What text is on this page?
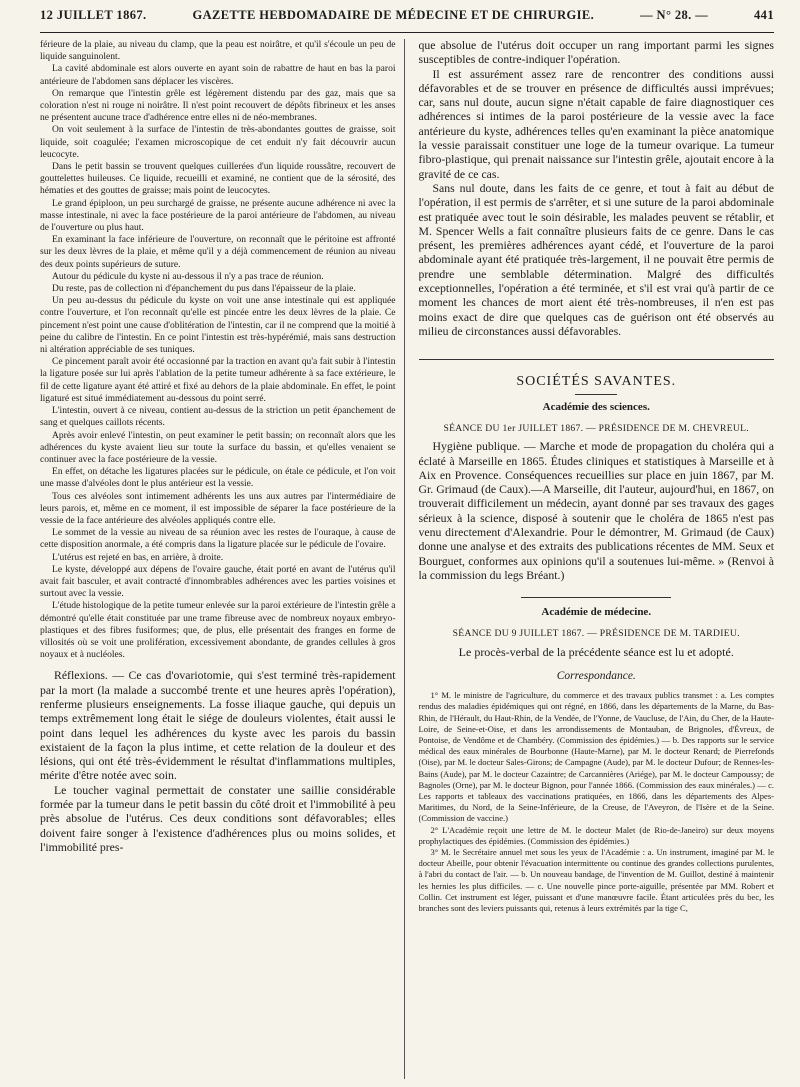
12 JUILLET 1867.	GAZETTE HEBDOMADAIRE DE MÉDECINE ET DE CHIRURGIE.	— N° 28. —	441

férieure de la plaie, au niveau du clamp, que la peau est noirâtre, et qu'il s'écoule un peu de liquide sanguinolent.

La cavité abdominale est alors ouverte en ayant soin de rabattre de haut en bas la paroi antérieure de l'abdomen sans déplacer les viscères.

On remarque que l'intestin grêle est légèrement distendu par des gaz, mais que sa coloration n'est ni rouge ni noirâtre. Il n'est point recouvert de dépôts fibrineux et les anses ne présentent aucune trace d'adhérence entre elles ni de néo-membranes.

On voit seulement à la surface de l'intestin de très-abondantes gouttes de graisse, soit liquide, soit coagulée; l'examen microscopique de cet enduit n'y fait découvrir aucun leucocyte.

Dans le petit bassin se trouvent quelques cuillerées d'un liquide roussâtre, recouvert de gouttelettes huileuses. Ce liquide, recueilli et examiné, ne contient que de la sérosité, des hématies et des gouttes de graisse; mais point de leucocytes.

Le grand épiploon, un peu surchargé de graisse, ne présente aucune adhérence ni avec la masse intestinale, ni avec la face postérieure de la paroi antérieure de l'abdomen, au niveau de l'ouverture ou plus haut.

En examinant la face inférieure de l'ouverture, on reconnaît que le péritoine est affronté sur les deux lèvres de la plaie, et même qu'il y a déjà commencement de réunion au niveau des deux points supérieurs de suture.

Autour du pédicule du kyste ni au-dessous il n'y a pas trace de réunion.

Du reste, pas de collection ni d'épanchement du pus dans l'épaisseur de la plaie.

Un peu au-dessus du pédicule du kyste on voit une anse intestinale qui est appliquée contre l'ouverture, et l'on reconnaît qu'elle est pincée entre les deux lèvres de la plaie. Ce pincement n'est point une cause d'oblitération de l'intestin, car il ne comprend que la moitié à peine du calibre de l'intestin. En ce point l'intestin est très-hypérémié, mais sans destruction ni altération appréciable de ses tuniques.

Ce pincement paraît avoir été occasionné par la traction en avant qu'a fait subir à l'intestin la ligature posée sur lui après l'ablation de la petite tumeur adhérente à sa face extérieure, le fil de cette ligature ayant été attiré et fixé au dehors de la plaie abdominale. En effet, le point ligaturé est situé immédiatement au-dessous du point serré.

L'intestin, ouvert à ce niveau, contient au-dessus de la striction un petit épanchement de sang et quelques caillots récents.

Après avoir enlevé l'intestin, on peut examiner le petit bassin; on reconnaît alors que les adhérences du kyste avaient lieu sur toute la surface du bassin, et qu'elles venaient se continuer avec la face postérieure de la vessie.

En effet, on détache les ligatures placées sur le pédicule, on étale ce pédicule, et l'on voit une masse d'alvéoles dont le plus antérieur est la vessie.

Tous ces alvéoles sont intimement adhérents les uns aux autres par l'intermédiaire de leurs parois, et, même en ce moment, il est impossible de séparer la face postérieure de la vessie de la face antérieure des alvéoles appliqués contre elle.

Le sommet de la vessie au niveau de sa réunion avec les restes de l'ouraque, à cause de cette disposition anormale, a été compris dans la ligature placée sur le pédicule de l'ovaire.

L'utérus est rejeté en bas, en arrière, à droite.

Le kyste, développé aux dépens de l'ovaire gauche, était porté en avant de l'utérus qu'il avait fait basculer, et avait contracté d'innombrables adhérences avec les parties voisines et surtout avec la vessie.

L'étude histologique de la petite tumeur enlevée sur la paroi extérieure de l'intestin grêle a démontré qu'elle était constituée par une trame fibreuse avec de nombreux noyaux embryo-plastiques et des fibres fusiformes; que, de plus, elle présentait des franges en forme de villosités où se voit une prolifération, excessivement abondante, de grandes cellules à gros noyaux et à nucléoles.

Réflexions. — Ce cas d'ovariotomie, qui s'est terminé très-rapidement par la mort (la malade a succombé trente et une heures après l'opération), renferme plusieurs enseignements. La fosse iliaque gauche, qui depuis un temps extrêmement long était le siége de douleurs violentes, était aussi le point dans lequel les adhérences du kyste avec les parois du bassin existaient de la façon la plus intime, et cette relation de la douleur et des lésions, qui ont été très-évidemment le résultat d'inflammations multiples, mérite d'être notée avec soin.

Le toucher vaginal permettait de constater une saillie considérable formée par la tumeur dans le petit bassin du côté droit et l'immobilité à peu près absolue de l'utérus. Ces deux conditions sont défavorables; elles doivent faire songer à l'existence d'adhérences plus ou moins solides, et l'immobilité pres-

que absolue de l'utérus doit occuper un rang important parmi les signes susceptibles de contre-indiquer l'opération.

Il est assurément assez rare de rencontrer des conditions aussi défavorables et de se trouver en présence de difficultés aussi imprévues; car, sans nul doute, aucun signe n'était capable de faire diagnostiquer ces adhérences si intimes de la paroi postérieure de la vessie avec la face antérieure du kyste, adhérences telles qu'en examinant la pièce anatomique la vessie paraissait constituer une loge de la tumeur ovarique. La tumeur fibro-plastique, qui prenait naissance sur l'intestin grêle, ajoutait encore à la gravité de ce cas.

Sans nul doute, dans les faits de ce genre, et tout à fait au début de l'opération, il est permis de s'arrêter, et si une suture de la paroi abdominale est pratiquée avec tout le soin désirable, les malades peuvent se rétablir, et M. Spencer Wells a fait connaître plusieurs faits de ce genre. Dans le cas présent, les premières adhérences ayant cédé, et l'ouverture de la paroi abdominale ayant été pratiquée très-largement, il ne pouvait être permis de prendre une semblable détermination. Malgré des difficultés exceptionnelles, l'opération a été terminée, et s'il est vrai qu'à partir de ce moment les chances de mort aient été très-nombreuses, il n'en est pas moins exact de dire que quelques cas de guérison ont été observés au milieu de circonstances aussi défavorables.

SOCIÉTÉS SAVANTES.
Académie des sciences.
SÉANCE DU 1er JUILLET 1867. — PRÉSIDENCE DE M. CHEVREUL.

Hygiène publique. — Marche et mode de propagation du choléra qui a éclaté à Marseille en 1865. Études cliniques et statistiques à Marseille et à Aix en Provence. Conséquences recueillies sur place en juin 1867, par M. Gr. Grimaud (de Caux).—A Marseille, dit l'auteur, aujourd'hui, en 1867, on trouverait difficilement un médecin, ayant donné par ses travaux des gages sérieux à la science, disposé à soutenir que le choléra de 1865 n'est pas venu directement d'Alexandrie. Pour le démontrer, M. Grimaud (de Caux) donne une analyse et des extraits des publications récentes de MM. Seux et Bourguet, conformes aux opinions qu'il a soutenues lui-même. » (Renvoi à la commission du legs Bréant.)

Académie de médecine.
SÉANCE DU 9 JUILLET 1867. — PRÉSIDENCE DE M. TARDIEU.
Le procès-verbal de la précédente séance est lu et adopté.
Correspondance.

1° M. le ministre de l'agriculture, du commerce et des travaux publics transmet : a. Les comptes rendus des maladies épidémiques qui ont régné, en 1866, dans les départements de la Marne, du Bas-Rhin, de l'Hérault, du Haut-Rhin, de la Vendée, de l'Yonne, de Vaucluse, de l'Ain, du Cher, de la Haute-Loire, de Seine-et-Oise, et dans les arrondissements de Montauban, de Brignoles, d'Évreux, de Pontoise, de Vendôme et de Chambéry. (Commission des épidémies.) — b. Des rapports sur le service médical des eaux minérales de Bourbonne (Haute-Marne), par M. le docteur Renard; de Pierrefonds (Oise), par M. le docteur Sales-Girons; de Campagne (Aude), par M. le docteur Dufour; de Rennes-les-Bains (Aude), par M. le docteur Cazaintre; de Carcannières (Ariége), par M. le docteur Campoussy; de Bagnoles (Orne), par M. le docteur Bignon, pour l'année 1866. (Commission des eaux minérales.) — c. Les rapports et tableaux des vaccinations pratiquées, en 1866, dans les départements des Alpes-Maritimes, du Nord, de la Seine-Inférieure, de la Creuse, de l'Aveyron, de l'Isère et de la Seine. (Commission de vaccine.)

2° L'Académie reçoit une lettre de M. le docteur Malet (de Rio-de-Janeiro) sur deux moyens prophylactiques des épidémies. (Commission des épidémies.)

3° M. le Secrétaire annuel met sous les yeux de l'Académie : a. Un instrument, imaginé par M. le docteur Abeille, pour obtenir l'évacuation intermittente ou continue des grandes collections purulentes, à l'abri du contact de l'air. — b. Un nouveau bandage, de l'invention de M. Guillot, destiné à maintenir les hernies les plus difficiles. — c. Une nouvelle pince porte-aiguille, présentée par MM. Robert et Collin. Cet instrument est léger, puissant et d'une manœuvre facile. Étant articulées près du bec, les branches sont des leviers puissants qui, retenus à leurs extrémités par la tige C,
